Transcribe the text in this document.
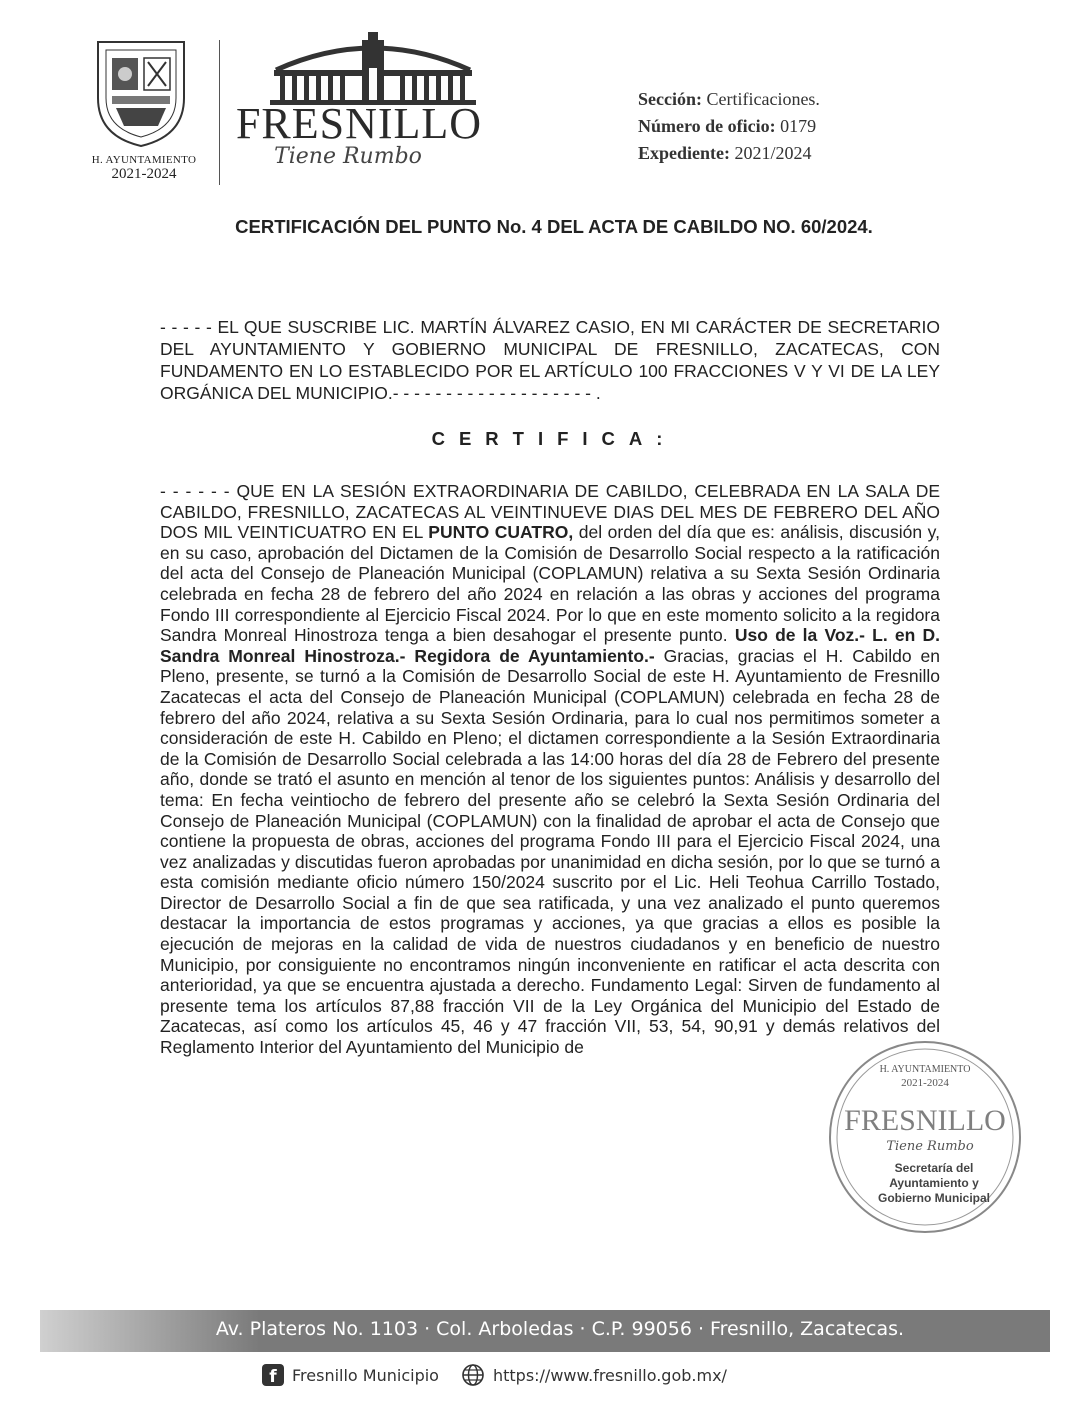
H. AYUNTAMIENTO
2021-2024
FRESNILLO
Tiene Rumbo
Sección: Certificaciones.
Número de oficio: 0179
Expediente: 2021/2024
CERTIFICACIÓN DEL PUNTO No. 4 DEL ACTA DE CABILDO NO. 60/2024.
- - - - - EL QUE SUSCRIBE LIC. MARTÍN ÁLVAREZ CASIO, EN MI CARÁCTER DE SECRETARIO DEL AYUNTAMIENTO Y GOBIERNO MUNICIPAL DE FRESNILLO, ZACATECAS, CON FUNDAMENTO EN LO ESTABLECIDO POR EL ARTÍCULO 100 FRACCIONES V Y VI DE LA LEY ORGÁNICA DEL MUNICIPIO.- - - - - - - - - - - - - - - - - - - .
CERTIFICA:
- - - - - - QUE EN LA SESIÓN EXTRAORDINARIA DE CABILDO, CELEBRADA EN LA SALA DE CABILDO, FRESNILLO, ZACATECAS AL VEINTINUEVE DIAS DEL MES DE FEBRERO DEL AÑO DOS MIL VEINTICUATRO EN EL PUNTO CUATRO, del orden del día que es: análisis, discusión y, en su caso, aprobación del Dictamen de la Comisión de Desarrollo Social respecto a la ratificación del acta del Consejo de Planeación Municipal (COPLAMUN) relativa a su Sexta Sesión Ordinaria celebrada en fecha 28 de febrero del año 2024 en relación a las obras y acciones del programa Fondo III correspondiente al Ejercicio Fiscal 2024. Por lo que en este momento solicito a la regidora Sandra Monreal Hinostroza tenga a bien desahogar el presente punto. Uso de la Voz.- L. en D. Sandra Monreal Hinostroza.- Regidora de Ayuntamiento.- Gracias, gracias el H. Cabildo en Pleno, presente, se turnó a la Comisión de Desarrollo Social de este H. Ayuntamiento de Fresnillo Zacatecas el acta del Consejo de Planeación Municipal (COPLAMUN) celebrada en fecha 28 de febrero del año 2024, relativa a su Sexta Sesión Ordinaria, para lo cual nos permitimos someter a consideración de este H. Cabildo en Pleno; el dictamen correspondiente a la Sesión Extraordinaria de la Comisión de Desarrollo Social celebrada a las 14:00 horas del día 28 de Febrero del presente año, donde se trató el asunto en mención al tenor de los siguientes puntos: Análisis y desarrollo del tema: En fecha veintiocho de febrero del presente año se celebró la Sexta Sesión Ordinaria del Consejo de Planeación Municipal (COPLAMUN) con la finalidad de aprobar el acta de Consejo que contiene la propuesta de obras, acciones del programa Fondo III para el Ejercicio Fiscal 2024, una vez analizadas y discutidas fueron aprobadas por unanimidad en dicha sesión, por lo que se turnó a esta comisión mediante oficio número 150/2024 suscrito por el Lic. Heli Teohua Carrillo Tostado, Director de Desarrollo Social a fin de que sea ratificada, y una vez analizado el punto queremos destacar la importancia de estos programas y acciones, ya que gracias a ellos es posible la ejecución de mejoras en la calidad de vida de nuestros ciudadanos y en beneficio de nuestro Municipio, por consiguiente no encontramos ningún inconveniente en ratificar el acta descrita con anterioridad, ya que se encuentra ajustada a derecho. Fundamento Legal: Sirven de fundamento al presente tema los artículos 87,88 fracción VII de la Ley Orgánica del Municipio del Estado de Zacatecas, así como los artículos 45, 46 y 47 fracción VII, 53, 54, 90,91 y demás relativos del Reglamento Interior del Ayuntamiento del Municipio de
H. AYUNTAMIENTO
2021-2024
FRESNILLO
Tiene Rumbo
Secretaría del
Ayuntamiento y
Gobierno Municipal
Av. Plateros No. 1103 · Col. Arboledas · C.P. 99056 · Fresnillo, Zacatecas.
f Fresnillo Municipio	https://www.fresnillo.gob.mx/
